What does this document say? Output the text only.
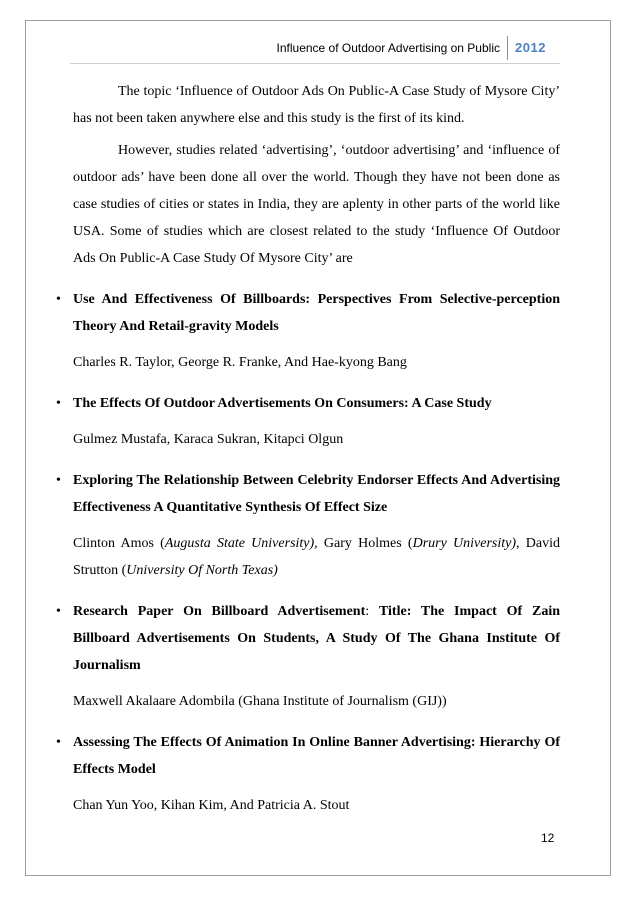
Influence of Outdoor Advertising on Public 2012

The topic ‘Influence of Outdoor Ads On Public-A Case Study of Mysore City’ has not been taken anywhere else and this study is the first of its kind.

However, studies related ‘advertising’, ‘outdoor advertising’ and ‘influence of outdoor ads’ have been done all over the world. Though they have not been done as case studies of cities or states in India, they are aplenty in other parts of the world like USA. Some of studies which are closest related to the study ‘Influence Of Outdoor Ads On Public-A Case Study Of Mysore City’ are

• Use And Effectiveness Of Billboards: Perspectives From Selective-perception Theory And Retail-gravity Models

Charles R. Taylor, George R. Franke, And Hae-kyong Bang

• The Effects Of Outdoor Advertisements On Consumers: A Case Study

Gulmez Mustafa, Karaca Sukran, Kitapci Olgun

• Exploring The Relationship Between Celebrity Endorser Effects And Advertising Effectiveness A Quantitative Synthesis Of Effect Size

Clinton Amos (Augusta State University), Gary Holmes (Drury University), David Strutton (University Of North Texas)

• Research Paper On Billboard Advertisement: Title: The Impact Of Zain Billboard Advertisements On Students, A Study Of The Ghana Institute Of Journalism

Maxwell Akalaare Adombila (Ghana Institute of Journalism (GIJ))

• Assessing The Effects Of Animation In Online Banner Advertising: Hierarchy Of Effects Model

Chan Yun Yoo, Kihan Kim, And Patricia A. Stout

12
